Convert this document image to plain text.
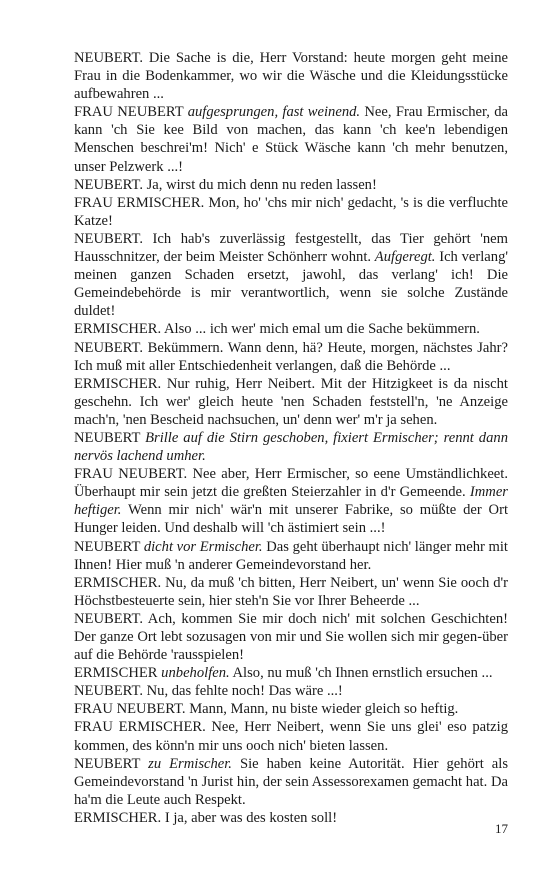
NEUBERT. Die Sache is die, Herr Vorstand: heute morgen geht meine Frau in die Bodenkammer, wo wir die Wäsche und die Kleidungsstücke aufbewahren ...

FRAU NEUBERT aufgesprungen, fast weinend. Nee, Frau Ermischer, da kann 'ch Sie kee Bild von machen, das kann 'ch kee'n lebendigen Menschen beschrei'm! Nich' e Stück Wäsche kann 'ch mehr benutzen, unser Pelzwerk ...!

NEUBERT. Ja, wirst du mich denn nu reden lassen!

FRAU ERMISCHER. Mon, ho' 'chs mir nich' gedacht, 's is die verfluchte Katze!

NEUBERT. Ich hab's zuverlässig festgestellt, das Tier gehört 'nem Hausschnitzer, der beim Meister Schönherr wohnt. Aufgeregt. Ich verlang' meinen ganzen Schaden ersetzt, jawohl, das verlang' ich! Die Gemeindebehörde is mir verantwortlich, wenn sie solche Zustände duldet!

ERMISCHER. Also ... ich wer' mich emal um die Sache bekümmern.

NEUBERT. Bekümmern. Wann denn, hä? Heute, morgen, nächstes Jahr? Ich muß mit aller Entschiedenheit verlangen, daß die Behörde ...

ERMISCHER. Nur ruhig, Herr Neibert. Mit der Hitzigkeet is da nischt geschehn. Ich wer' gleich heute 'nen Schaden feststell'n, 'ne Anzeige mach'n, 'nen Bescheid nachsuchen, un' denn wer' m'r ja sehen.

NEUBERT Brille auf die Stirn geschoben, fixiert Ermischer; rennt dann nervös lachend umher.

FRAU NEUBERT. Nee aber, Herr Ermischer, so eene Umständlichkeet. Überhaupt mir sein jetzt die greßten Steierzahler in d'r Gemeende. Immer heftiger. Wenn mir nich' wär'n mit unserer Fabrike, so müßte der Ort Hunger leiden. Und deshalb will 'ch ästimiert sein ...!

NEUBERT dicht vor Ermischer. Das geht überhaupt nich' länger mehr mit Ihnen! Hier muß 'n anderer Gemeindevorstand her.

ERMISCHER. Nu, da muß 'ch bitten, Herr Neibert, un' wenn Sie ooch d'r Höchstbesteuerte sein, hier steh'n Sie vor Ihrer Beheerde ...

NEUBERT. Ach, kommen Sie mir doch nich' mit solchen Geschichten! Der ganze Ort lebt sozusagen von mir und Sie wollen sich mir gegen-über auf die Behörde 'rausspielen!

ERMISCHER unbeholfen. Also, nu muß 'ch Ihnen ernstlich ersuchen ...

NEUBERT. Nu, das fehlte noch! Das wäre ...!

FRAU NEUBERT. Mann, Mann, nu biste wieder gleich so heftig.

FRAU ERMISCHER. Nee, Herr Neibert, wenn Sie uns glei' eso patzig kommen, des könn'n mir uns ooch nich' bieten lassen.

NEUBERT zu Ermischer. Sie haben keine Autorität. Hier gehört als Gemeindevorstand 'n Jurist hin, der sein Assessorexamen gemacht hat. Da ha'm die Leute auch Respekt.

ERMISCHER. I ja, aber was des kosten soll!

17
